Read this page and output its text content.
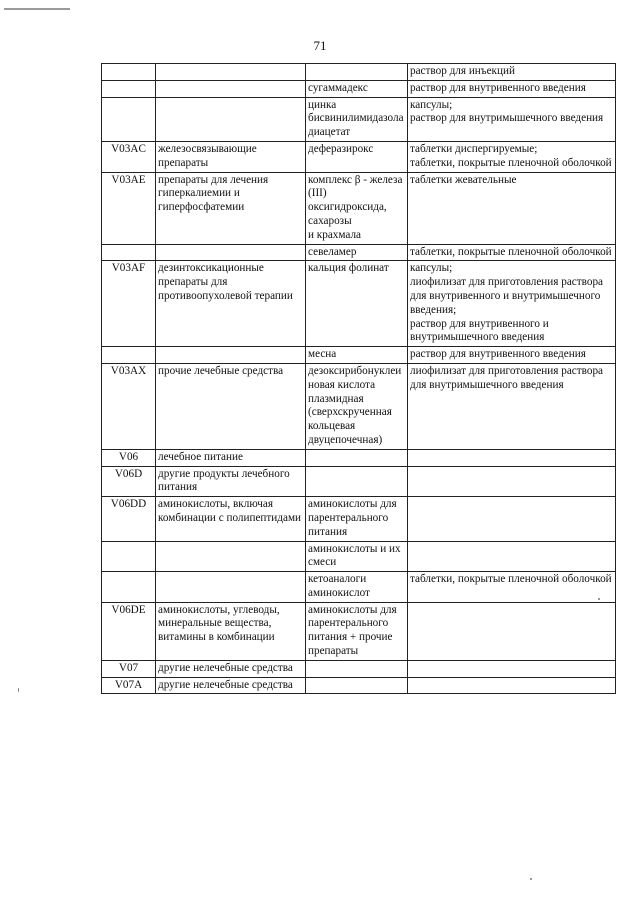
71
			раствор для инъекций
		сугаммадекс	раствор для внутривенного введения
		цинка бисвинилимидазола диацетат	капсулы;
раствор для внутримышечного введения
V03AC	железосвязывающие препараты	деферазирокс	таблетки диспергируемые;
таблетки, покрытые пленочной оболочкой
V03AE	препараты для лечения гиперкалиемии и гиперфосфатемии	комплекс β - железа (III) оксигидроксида, сахарозы
и крахмала	таблетки жевательные
		севеламер	таблетки, покрытые пленочной оболочкой
V03AF	дезинтоксикационные препараты для противоопухолевой терапии	кальция фолинат	капсулы;
лиофилизат для приготовления раствора для внутривенного и внутримышечного введения;
раствор для внутривенного и внутримышечного введения
		месна	раствор для внутривенного введения
V03AX	прочие лечебные средства	дезоксирибонуклеиновая кислота плазмидная (сверхскрученная кольцевая двуцепочечная)	лиофилизат для приготовления раствора для внутримышечного введения
V06	лечебное питание		
V06D	другие продукты лечебного питания		
V06DD	аминокислоты, включая комбинации с полипептидами	аминокислоты для парентерального питания	
		аминокислоты и их смеси	
		кетоаналоги аминокислот	таблетки, покрытые пленочной оболочкой
V06DE	аминокислоты, углеводы, минеральные вещества, витамины в комбинации	аминокислоты для парентерального питания + прочие препараты	
V07	другие нелечебные средства		
V07A	другие нелечебные средства		
